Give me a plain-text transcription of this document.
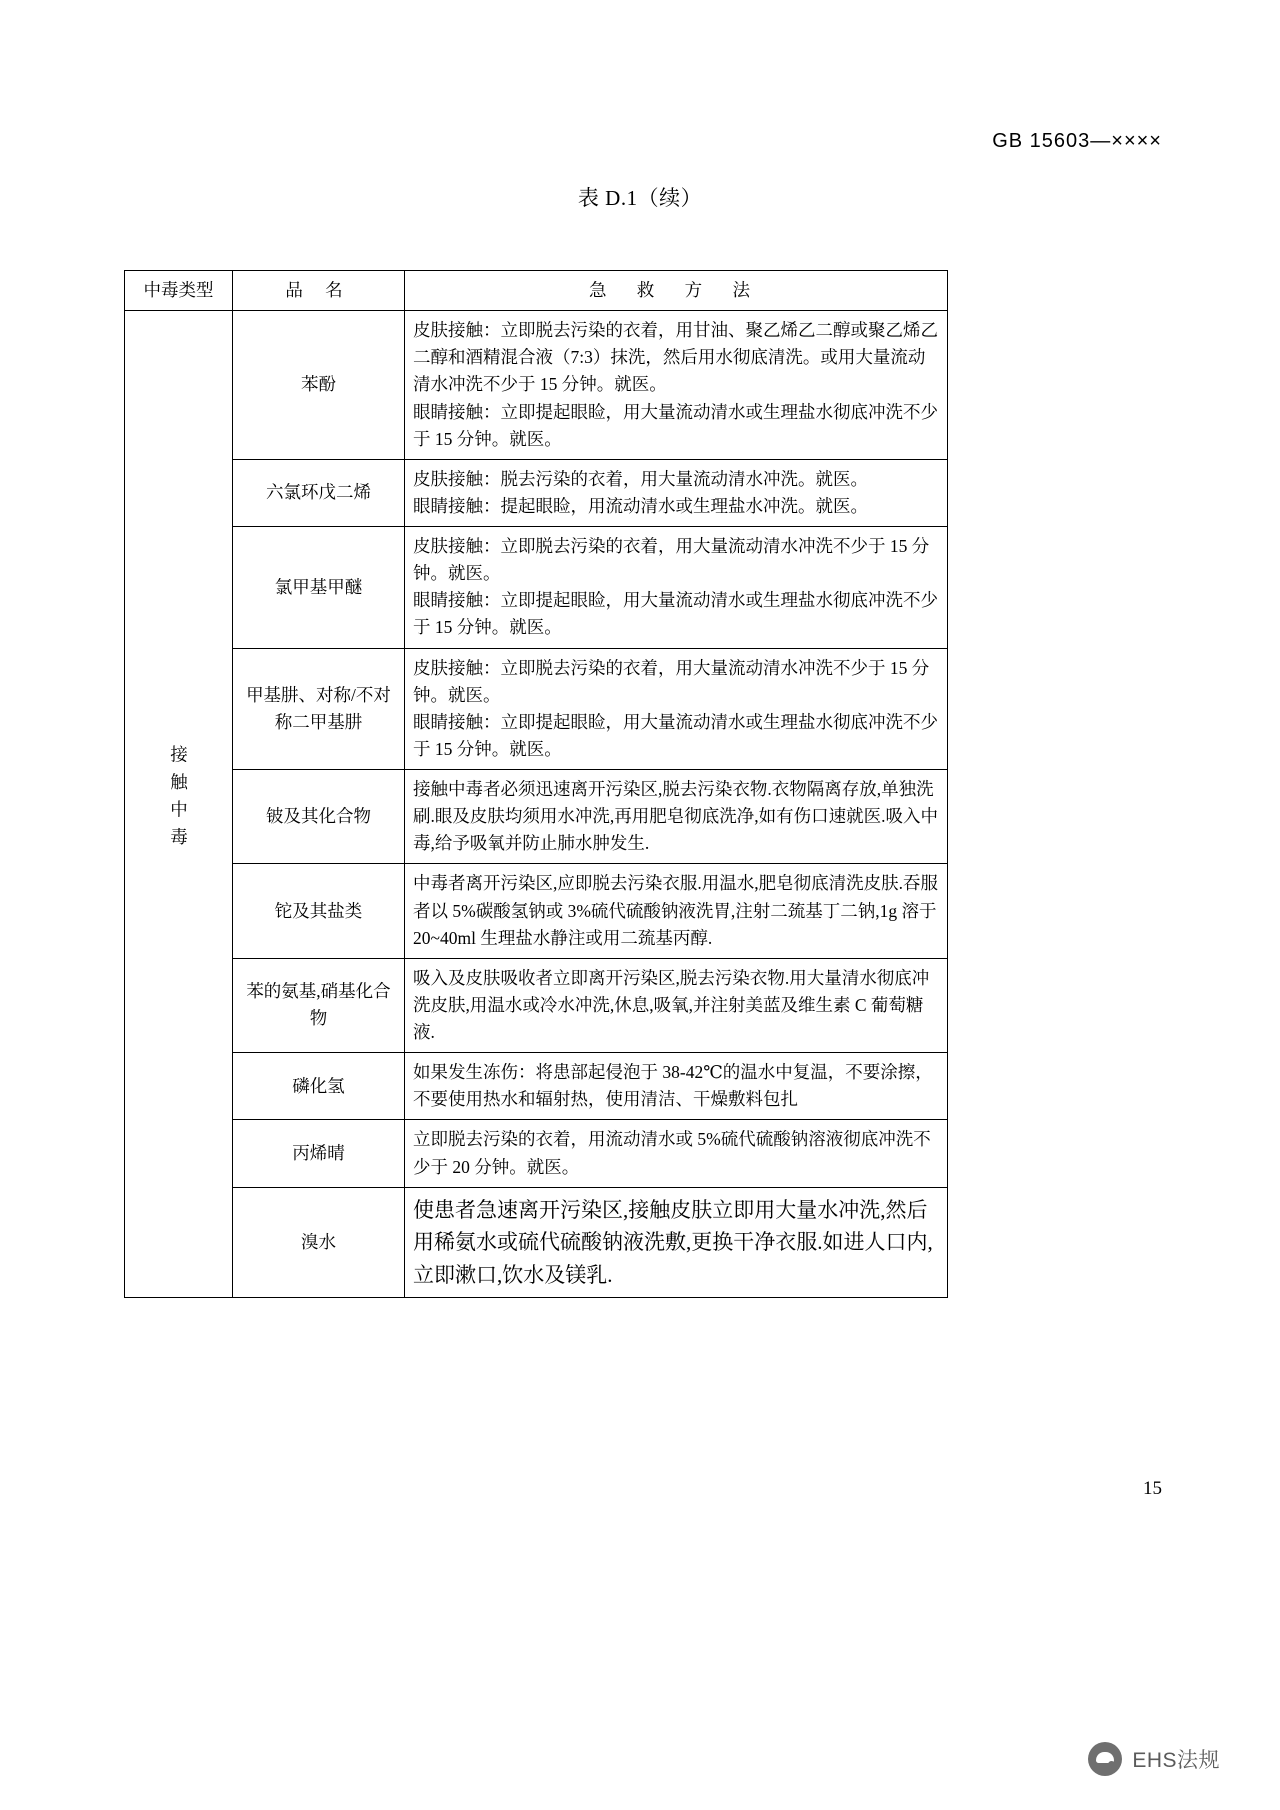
GB 15603—××××
表 D.1（续）
中毒类型	品 名	急 救 方 法
接触中毒	苯酚	皮肤接触：立即脱去污染的衣着，用甘油、聚乙烯乙二醇或聚乙烯乙二醇和酒精混合液（7:3）抹洗，然后用水彻底清洗。或用大量流动清水冲洗不少于 15 分钟。就医。

眼睛接触：立即提起眼睑，用大量流动清水或生理盐水彻底冲洗不少于 15 分钟。就医。

	六氯环戊二烯	皮肤接触：脱去污染的衣着，用大量流动清水冲洗。就医。

眼睛接触：提起眼睑，用流动清水或生理盐水冲洗。就医。

	氯甲基甲醚	皮肤接触：立即脱去污染的衣着，用大量流动清水冲洗不少于 15 分钟。就医。

眼睛接触：立即提起眼睑，用大量流动清水或生理盐水彻底冲洗不少于 15 分钟。就医。

	甲基肼、对称/不对称二甲基肼	皮肤接触：立即脱去污染的衣着，用大量流动清水冲洗不少于 15 分钟。就医。

眼睛接触：立即提起眼睑，用大量流动清水或生理盐水彻底冲洗不少于 15 分钟。就医。

	铍及其化合物	接触中毒者必须迅速离开污染区,脱去污染衣物.衣物隔离存放,单独洗刷.眼及皮肤均须用水冲洗,再用肥皂彻底洗净,如有伤口速就医.吸入中毒,给予吸氧并防止肺水肿发生.

	铊及其盐类	中毒者离开污染区,应即脱去污染衣服.用温水,肥皂彻底清洗皮肤.吞服者以 5%碳酸氢钠或 3%硫代硫酸钠液洗胃,注射二巯基丁二钠,1g 溶于 20~40ml 生理盐水静注或用二巯基丙醇.

	苯的氨基,硝基化合物	吸入及皮肤吸收者立即离开污染区,脱去污染衣物.用大量清水彻底冲洗皮肤,用温水或冷水冲洗,休息,吸氧,并注射美蓝及维生素 C 葡萄糖液.

	磷化氢	如果发生冻伤：将患部起侵泡于 38-42℃的温水中复温，不要涂擦，不要使用热水和辐射热，使用清洁、干燥敷料包扎

	丙烯晴	立即脱去污染的衣着，用流动清水或 5%硫代硫酸钠溶液彻底冲洗不少于 20 分钟。就医。

	溴水	使患者急速离开污染区,接触皮肤立即用大量水冲洗,然后用稀氨水或硫代硫酸钠液洗敷,更换干净衣服.如进人口内,立即漱口,饮水及镁乳.

15
EHS法规
